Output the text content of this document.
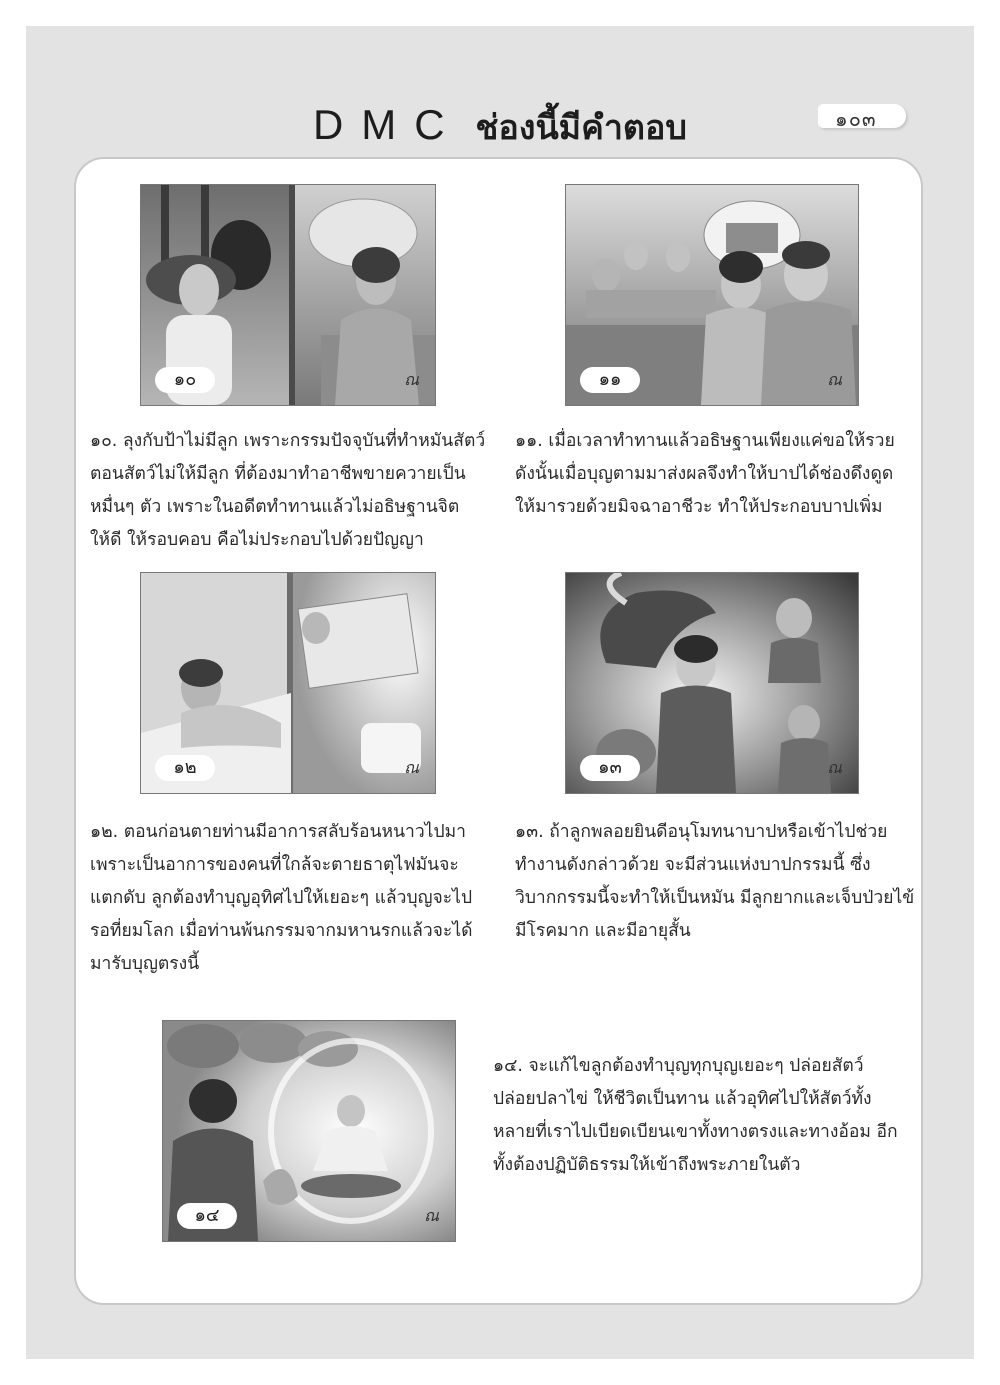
DMC ช่องนี้มีคำตอบ	๑๐๓
๑๐	ณ	๑๑	ณ

๑๐. ลุงกับป้าไม่มีลูก เพราะกรรมปัจจุบันที่ทำหมันสัตว์

ตอนสัตว์ไม่ให้มีลูก ที่ต้องมาทำอาชีพขายควายเป็น

หมื่นๆ ตัว เพราะในอดีตทำทานแล้วไม่อธิษฐานจิต

ให้ดี ให้รอบคอบ คือไม่ประกอบไปด้วยปัญญา

๑๑. เมื่อเวลาทำทานแล้วอธิษฐานเพียงแค่ขอให้รวย

ดังนั้นเมื่อบุญตามมาส่งผลจึงทำให้บาปได้ช่องดึงดูด

ให้มารวยด้วยมิจฉาอาชีวะ ทำให้ประกอบบาปเพิ่ม

๑๒	ณ	๑๓	ณ

๑๒. ตอนก่อนตายท่านมีอาการสลับร้อนหนาวไปมา

เพราะเป็นอาการของคนที่ใกล้จะตายธาตุไฟมันจะ

แตกดับ ลูกต้องทำบุญอุทิศไปให้เยอะๆ แล้วบุญจะไป

รอที่ยมโลก เมื่อท่านพ้นกรรมจากมหานรกแล้วจะได้

มารับบุญตรงนี้

๑๓. ถ้าลูกพลอยยินดีอนุโมทนาบาปหรือเข้าไปช่วย

ทำงานดังกล่าวด้วย จะมีส่วนแห่งบาปกรรมนี้ ซึ่ง

วิบากกรรมนี้จะทำให้เป็นหมัน มีลูกยากและเจ็บป่วยไข้

มีโรคมาก และมีอายุสั้น

๑๔	ณ

๑๔. จะแก้ไขลูกต้องทำบุญทุกบุญเยอะๆ ปล่อยสัตว์

ปล่อยปลาไข่ ให้ชีวิตเป็นทาน แล้วอุทิศไปให้สัตว์ทั้ง

หลายที่เราไปเบียดเบียนเขาทั้งทางตรงและทางอ้อม อีก

ทั้งต้องปฏิบัติธรรมให้เข้าถึงพระภายในตัว
